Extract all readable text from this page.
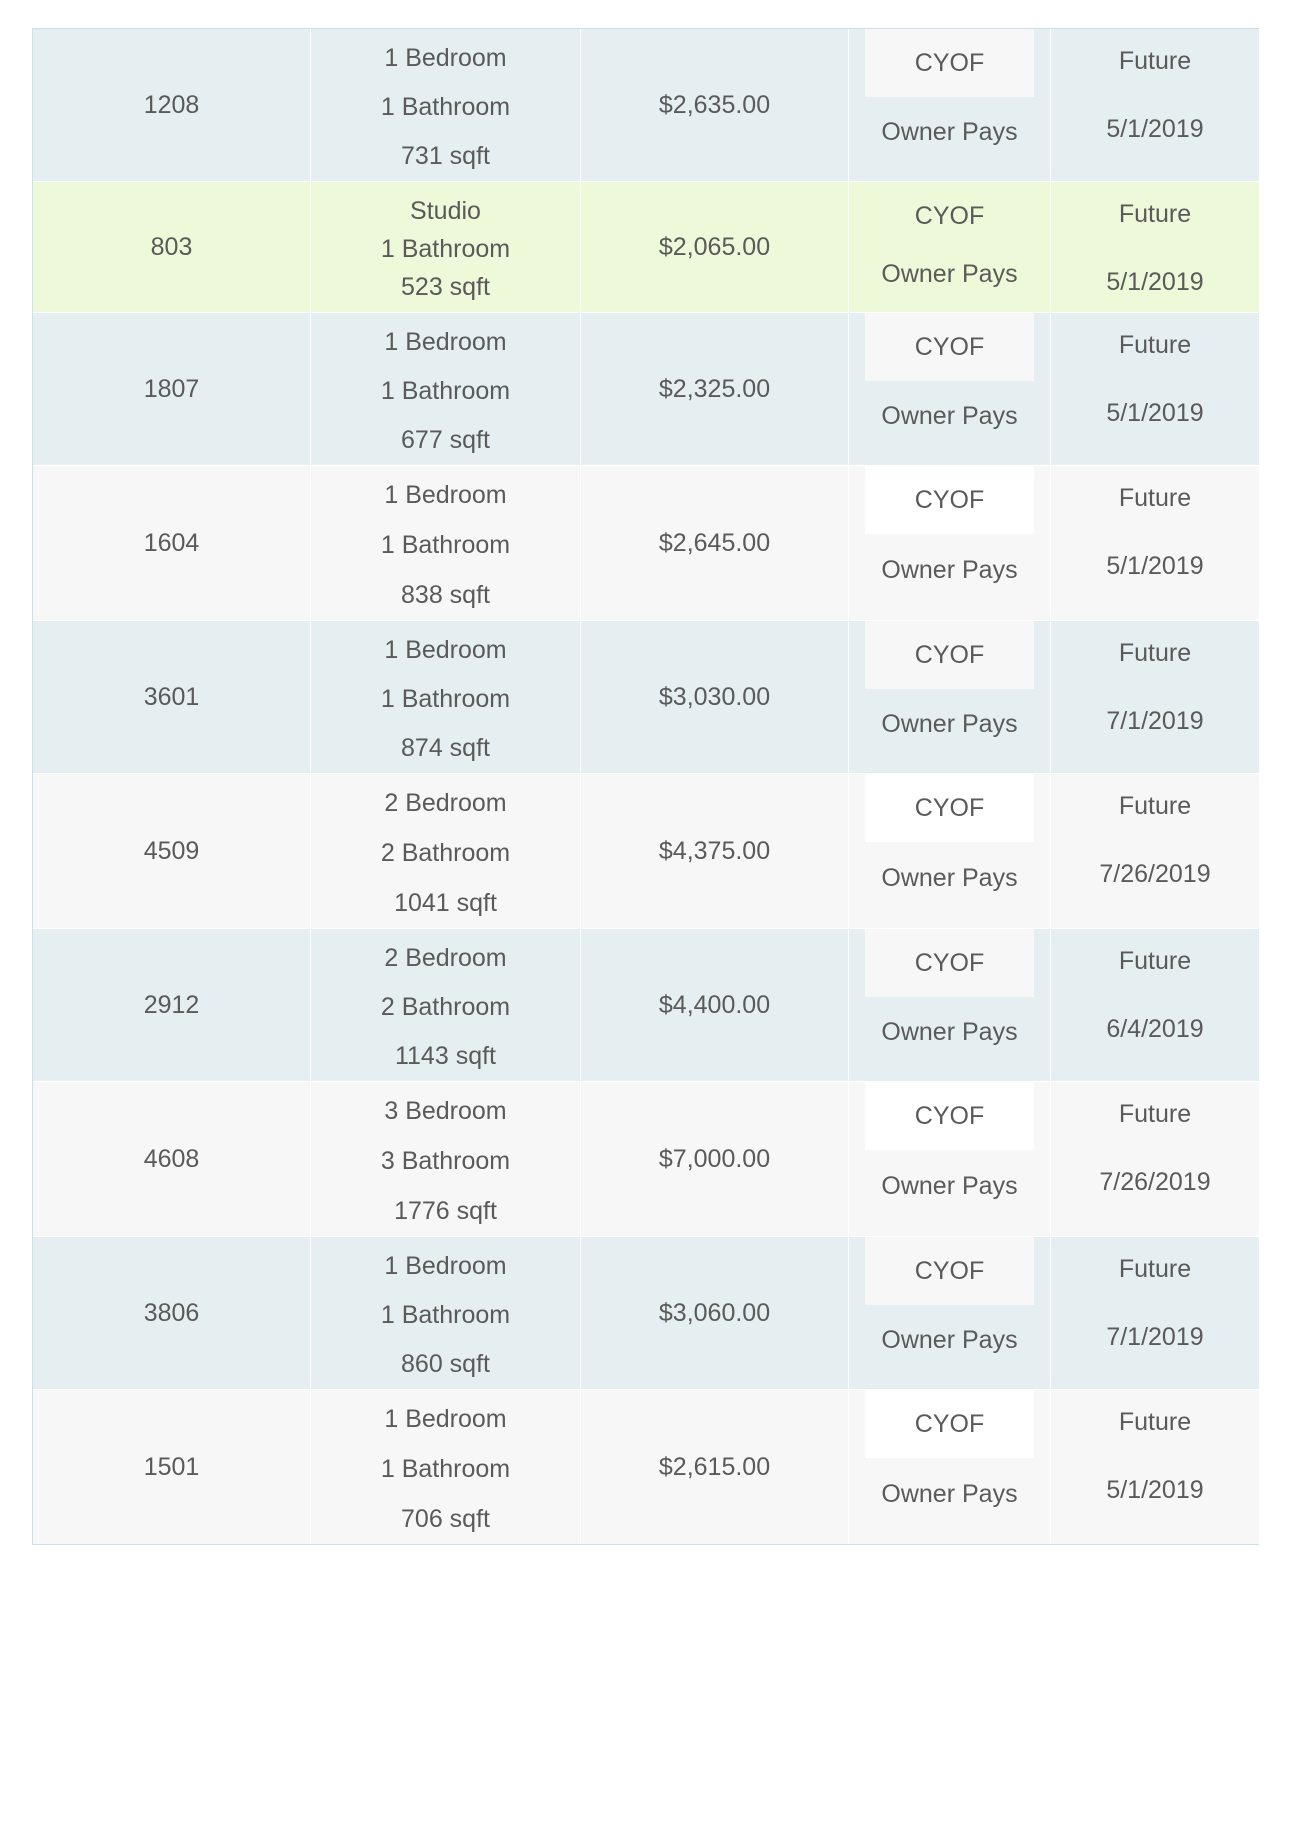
1208
1 Bedroom
1 Bathroom
731 sqft
$2,635.00
CYOF
Owner Pays
Future
5/1/2019
803
Studio
1 Bathroom
523 sqft
$2,065.00
CYOF
Owner Pays
Future
5/1/2019
1807
1 Bedroom
1 Bathroom
677 sqft
$2,325.00
CYOF
Owner Pays
Future
5/1/2019
1604
1 Bedroom
1 Bathroom
838 sqft
$2,645.00
CYOF
Owner Pays
Future
5/1/2019
3601
1 Bedroom
1 Bathroom
874 sqft
$3,030.00
CYOF
Owner Pays
Future
7/1/2019
4509
2 Bedroom
2 Bathroom
1041 sqft
$4,375.00
CYOF
Owner Pays
Future
7/26/2019
2912
2 Bedroom
2 Bathroom
1143 sqft
$4,400.00
CYOF
Owner Pays
Future
6/4/2019
4608
3 Bedroom
3 Bathroom
1776 sqft
$7,000.00
CYOF
Owner Pays
Future
7/26/2019
3806
1 Bedroom
1 Bathroom
860 sqft
$3,060.00
CYOF
Owner Pays
Future
7/1/2019
1501
1 Bedroom
1 Bathroom
706 sqft
$2,615.00
CYOF
Owner Pays
Future
5/1/2019
